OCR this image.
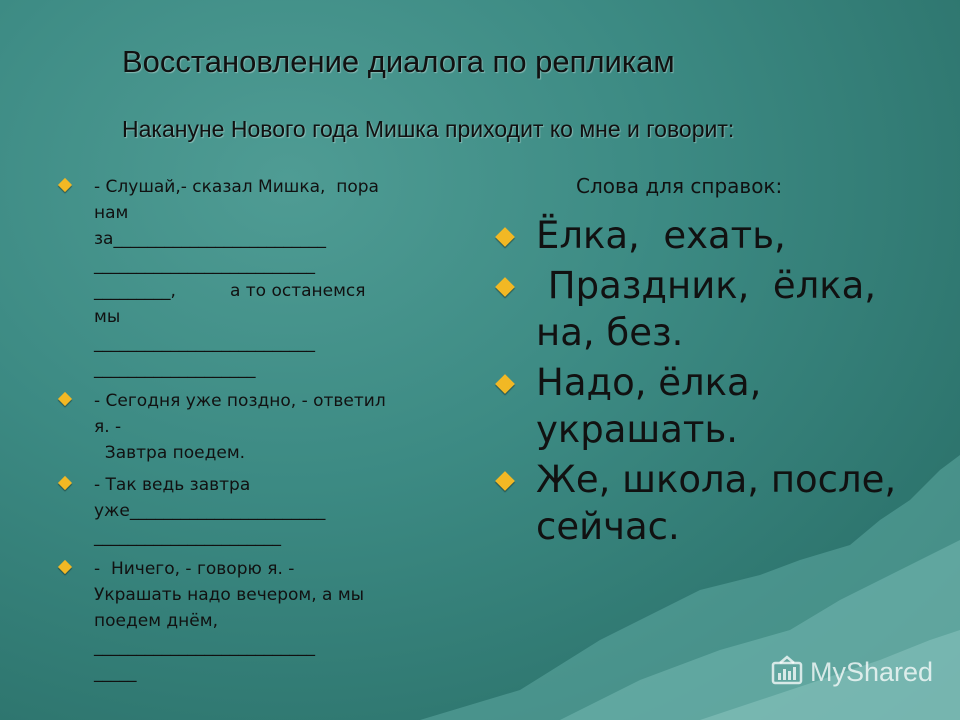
Восстановление диалога по репликам
Накануне Нового года Мишка приходит ко мне и говорит:
- Слушай,- сказал Мишка,  пора
нам
за_________________________
__________________________
_________,          а то останемся
мы
__________________________
___________________
- Сегодня уже поздно, - ответил
я. -
Завтра поедем.
- Так ведь завтра
уже_______________________
______________________
-  Ничего, - говорю я. -
Украшать надо вечером, а мы
поедем днём,
__________________________
_____
Слова для справок:
Ёлка,  ехать,
Праздник,  ёлка,
на, без.
Надо, ёлка,
украшать.
Же, школа, после,
сейчас.
MyShared
